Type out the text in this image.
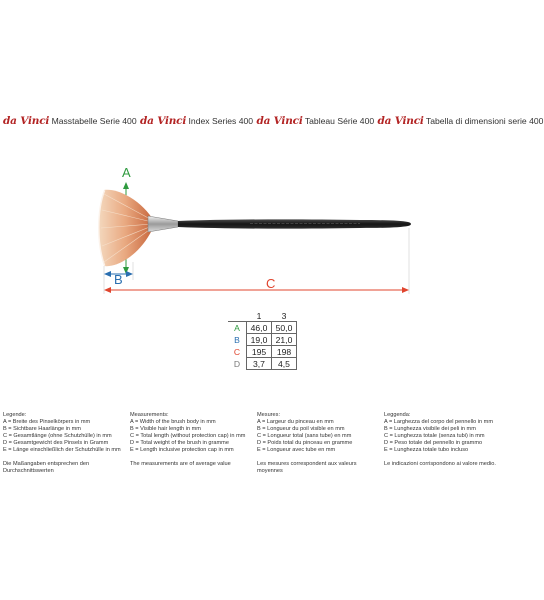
da Vinci Masstabelle Serie 400 da Vinci Index Series 400 da Vinci Tableau Série 400 da Vinci Tabella di dimensioni serie 400
A
B	C
	1	3
A	46,0	50,0
B	19,0	21,0
C	195	198
D	3,7	4,5
Legende:
A = Breite des Pinselkörpers in mm
B = Sichtbare Haarlänge in mm
C = Gesamtlänge (ohne Schutzhülle) in mm
D = Gesamtgewicht des Pinsels in Gramm
E = Länge einschließlich der Schutzhülle in mm
Die Maßangaben entsprechen den Durchschnittswerten
Measurements:
A = Width of the brush body in mm
B = Visible hair length in mm
C = Total length (without protection cap) in mm
D = Total weight of the brush in gramme
E = Length inclusive protection cap in mm
The measurements are of average value
Mesures:
A = Largeur du pinceau en mm
B = Longueur du poil visible en mm
C = Longueur total (sans tube) en mm
D = Poids total du pinceau en gramme
E = Longueur avec tube en mm
Les mesures correspondent aux valeurs moyennes
Leggenda:
A = Larghezza del corpo del pennello in mm
B = Lunghezza visibile dei peli in mm
C = Lunghezza totale (senza tubi) in mm
D = Peso totale del pennello in grammo
E = Lunghezza totale tubo incluso
Le indicazioni corrispondono ai valore medio.
